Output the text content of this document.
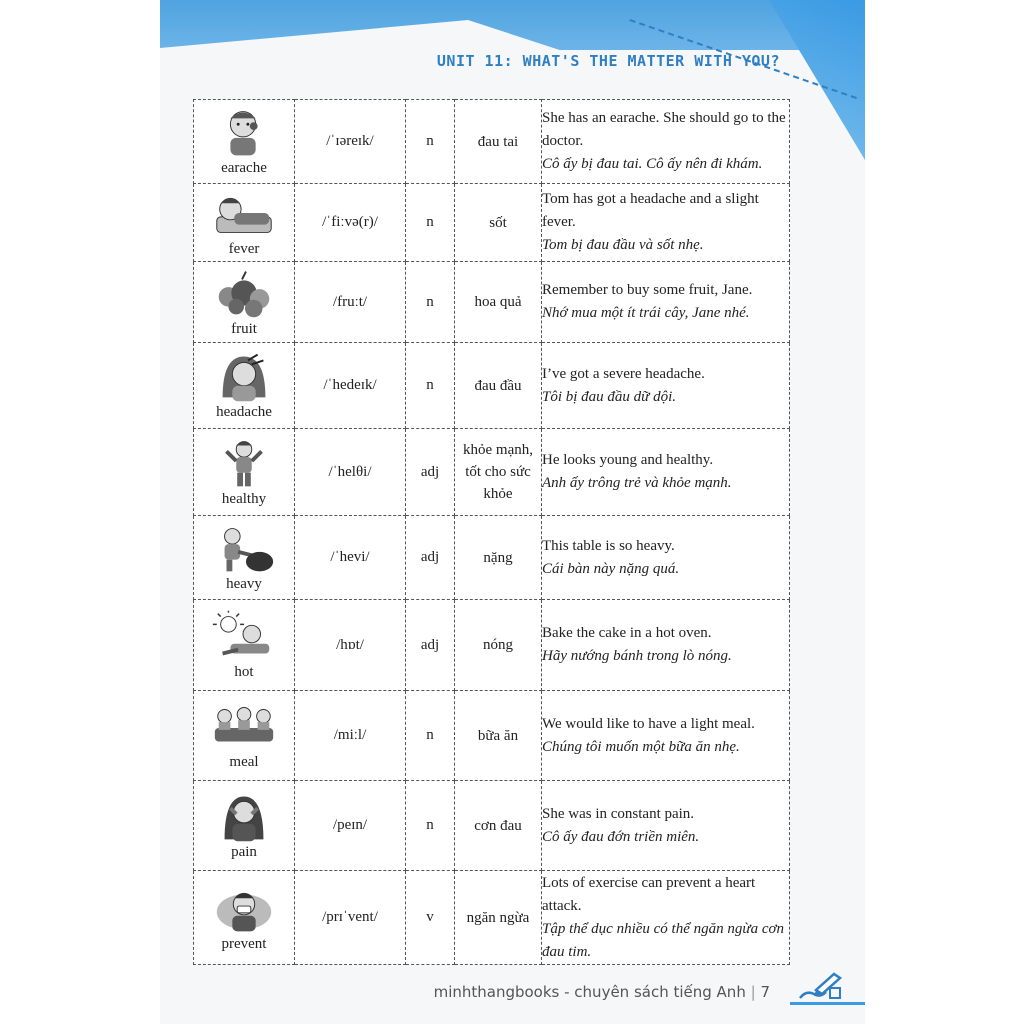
UNIT 11: WHAT'S THE MATTER WITH YOU?
earache	/ˈɪəreɪk/	n	đau tai	She has an earache. She should go to the doctor.
Cô ấy bị đau tai. Cô ấy nên đi khám.

fever	/ˈfiːvə(r)/	n	sốt	Tom has got a headache and a slight fever.
Tom bị đau đầu và sốt nhẹ.

fruit	/fruːt/	n	hoa quả	Remember to buy some fruit, Jane.
Nhớ mua một ít trái cây, Jane nhé.

headache	/ˈhedeɪk/	n	đau đầu	I’ve got a severe headache.
Tôi bị đau đầu dữ dội.

healthy	/ˈhelθi/	adj	khỏe mạnh, tốt cho sức khỏe	He looks young and healthy.
Anh ấy trông trẻ và khỏe mạnh.

heavy	/ˈhevi/	adj	nặng	This table is so heavy.
Cái bàn này nặng quá.

hot	/hɒt/	adj	nóng	Bake the cake in a hot oven.
Hãy nướng bánh trong lò nóng.

meal	/miːl/	n	bữa ăn	We would like to have a light meal.
Chúng tôi muốn một bữa ăn nhẹ.

pain	/peɪn/	n	cơn đau	She was in constant pain.
Cô ấy đau đớn triền miên.

prevent	/prɪˈvent/	v	ngăn ngừa	Lots of exercise can prevent a heart attack.
Tập thể dục nhiều có thể ngăn ngừa cơn đau tim.
minhthangbooks - chuyên sách tiếng Anh | 7
